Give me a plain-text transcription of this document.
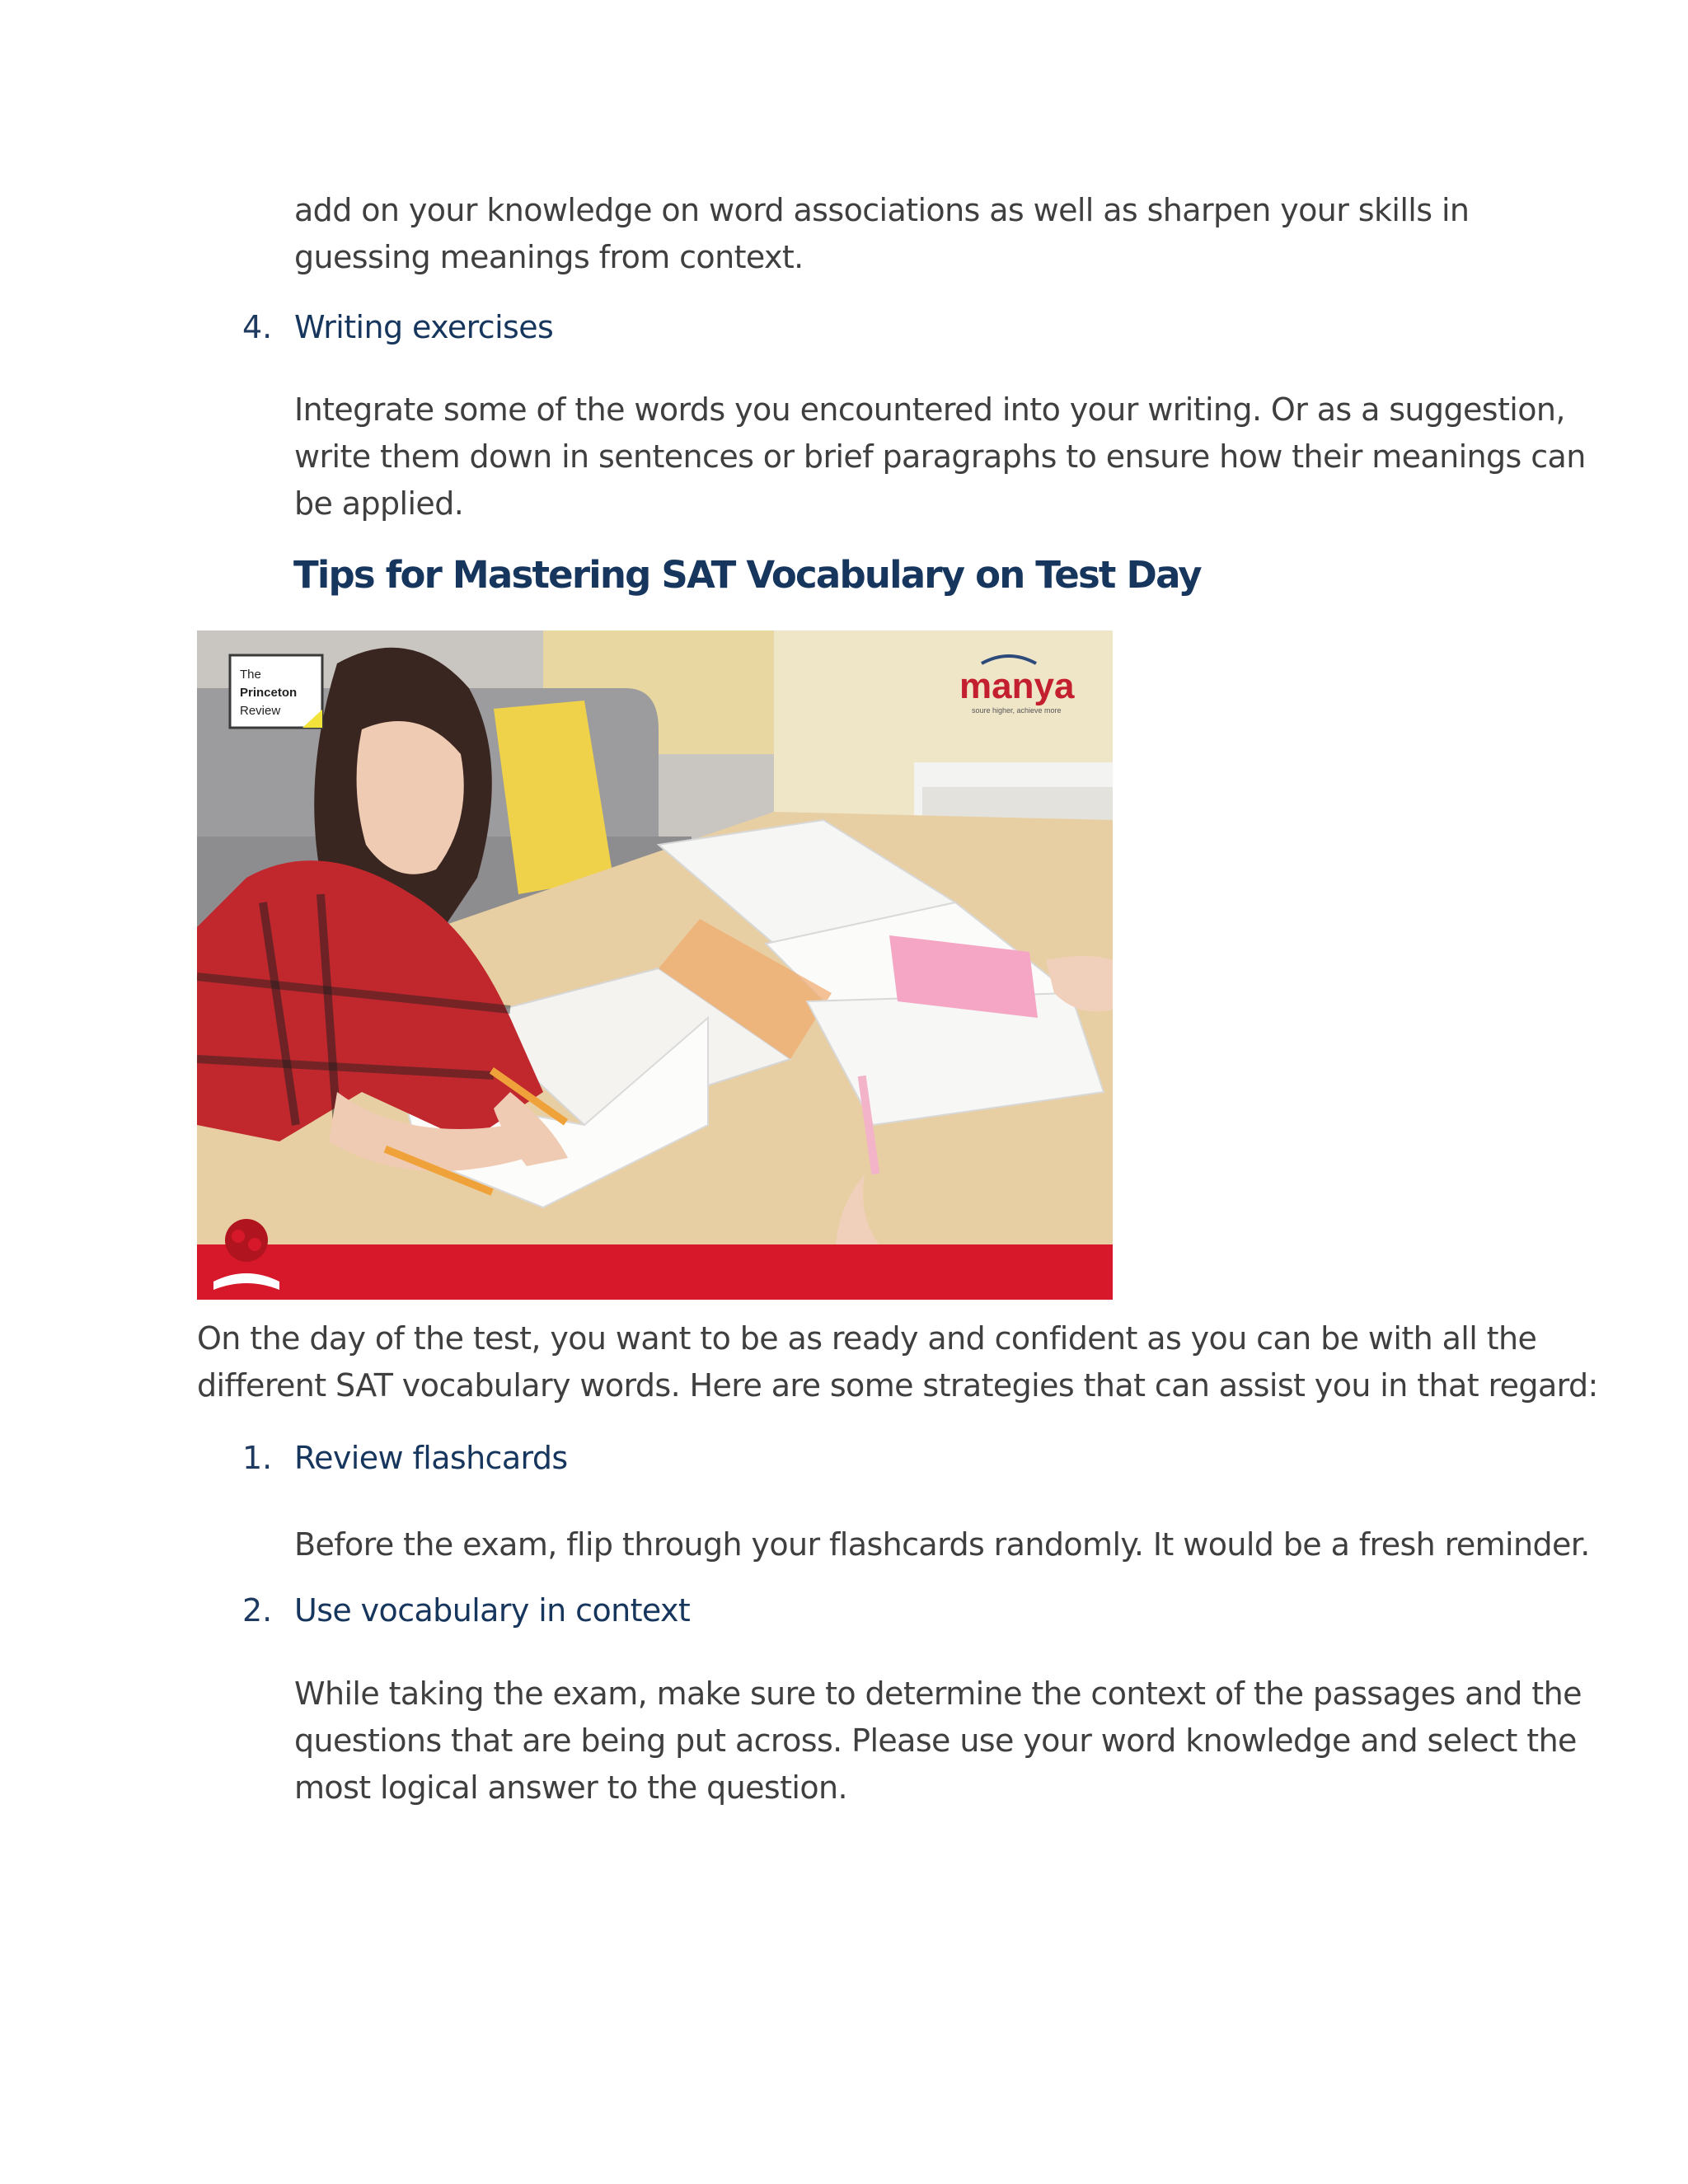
add on your knowledge on word associations as well as sharpen your skills in
guessing meanings from context.
4. Writing exercises
Integrate some of the words you encountered into your writing. Or as a suggestion,
write them down in sentences or brief paragraphs to ensure how their meanings can
be applied.
Tips for Mastering SAT Vocabulary on Test Day
The
Princeton
Review
manya
soure higher, achieve more
On the day of the test, you want to be as ready and confident as you can be with all the
different SAT vocabulary words. Here are some strategies that can assist you in that regard:
1. Review flashcards
Before the exam, flip through your flashcards randomly. It would be a fresh reminder.
2. Use vocabulary in context
While taking the exam, make sure to determine the context of the passages and the
questions that are being put across. Please use your word knowledge and select the
most logical answer to the question.
